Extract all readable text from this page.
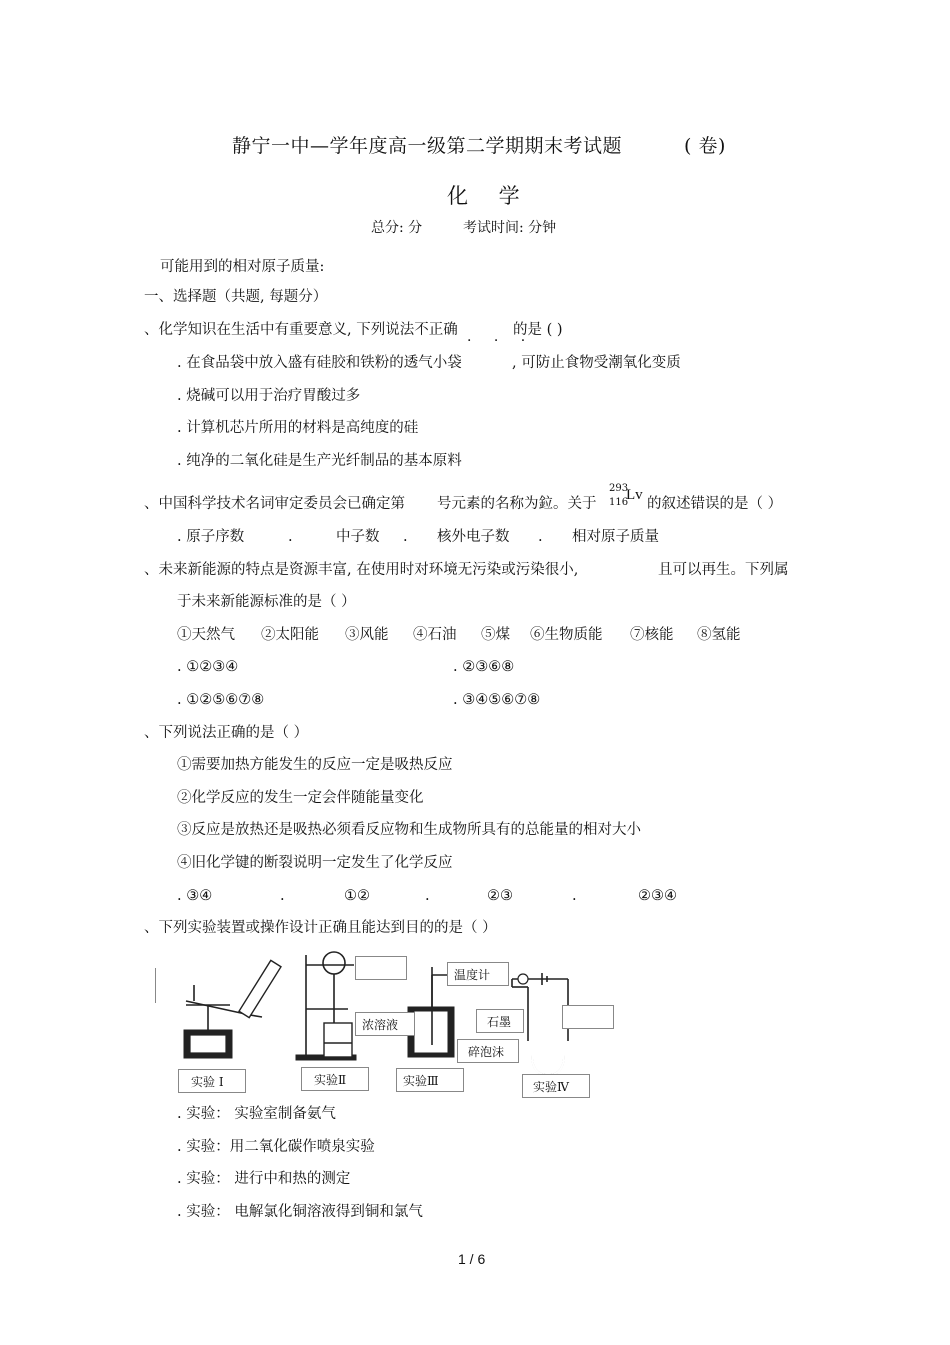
静宁一中—学年度高一级第二学期期末考试题	( 卷)
化 学
总分: 分	考试时间: 分钟
可能用到的相对原子质量:
一、选择题（共题, 每题分）
、化学知识在生活中有重要意义, 下列说法不正确
· · ·
的是 ( )
. 在食品袋中放入盛有硅胶和铁粉的透气小袋	, 可防止食物受潮氧化变质
. 烧碱可以用于治疗胃酸过多
. 计算机芯片所用的材料是高纯度的硅
. 纯净的二氧化硅是生产光纤制品的基本原料
、中国科学技术名词审定委员会已确定第 号元素的名称为鉝。关于
293
116
Lv
的叙述错误的是（ ）
. 原子序数	.	中子数 . 核外电子数 . 相对原子质量
、未来新能源的特点是资源丰富, 在使用时对环境无污染或污染很小,	且可以再生。下列属
于未来新能源标准的是（ ）
①天然气 ②太阳能 ③风能 ④石油 ⑤煤 ⑥生物质能 ⑦核能 ⑧氢能
. ①②③④	. ②③⑥⑧
. ①②⑤⑥⑦⑧	. ③④⑤⑥⑦⑧
、下列说法正确的是（ ）
①需要加热方能发生的反应一定是吸热反应
②化学反应的发生一定会伴随能量变化
③反应是放热还是吸热必须看反应物和生成物所具有的总能量的相对大小
④旧化学键的断裂说明一定发生了化学反应
. ③④	.	①②	.	②③	.	②③④
、下列实验装置或操作设计正确且能达到目的的是（ ）
浓溶液
温度计
石墨
碎泡沫
实验 I	实验Ⅱ	实验Ⅲ	实验Ⅳ
. 实验： 实验室制备氨气
. 实验：用二氧化碳作喷泉实验
. 实验： 进行中和热的测定
. 实验： 电解氯化铜溶液得到铜和氯气
1 / 6
